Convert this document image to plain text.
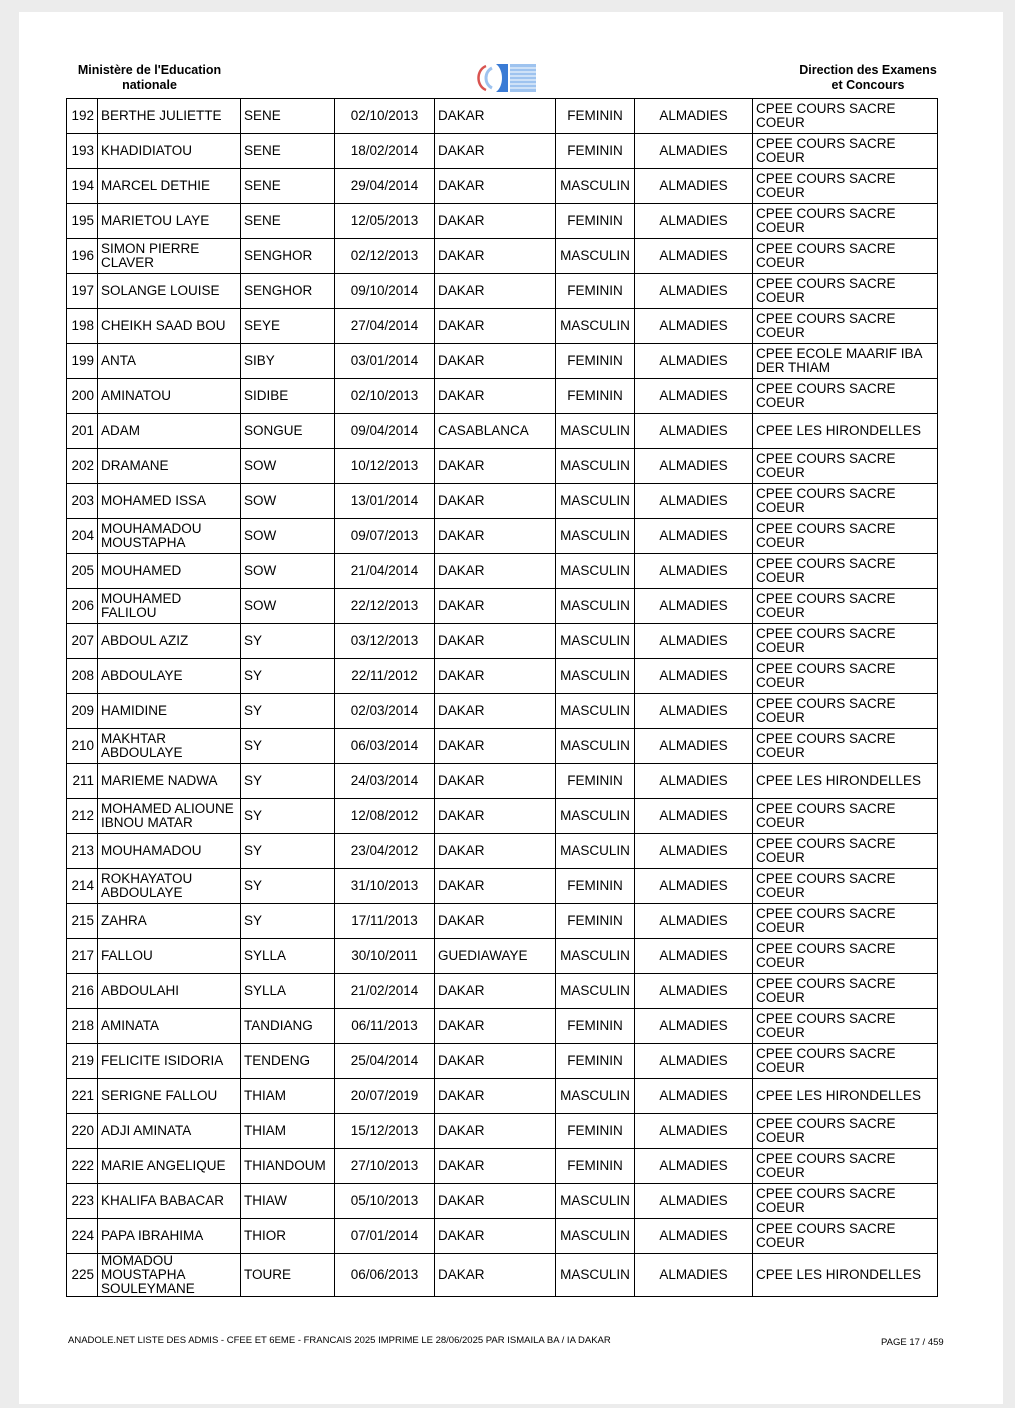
Ministère de l'Education
nationale
Direction des Examens
et Concours
192	BERTHE JULIETTE	SENE	02/10/2013	DAKAR	FEMININ	ALMADIES	CPEE COURS SACRE COEUR
193	KHADIDIATOU	SENE	18/02/2014	DAKAR	FEMININ	ALMADIES	CPEE COURS SACRE COEUR
194	MARCEL DETHIE	SENE	29/04/2014	DAKAR	MASCULIN	ALMADIES	CPEE COURS SACRE COEUR
195	MARIETOU LAYE	SENE	12/05/2013	DAKAR	FEMININ	ALMADIES	CPEE COURS SACRE COEUR
196	SIMON PIERRE CLAVER	SENGHOR	02/12/2013	DAKAR	MASCULIN	ALMADIES	CPEE COURS SACRE COEUR
197	SOLANGE LOUISE	SENGHOR	09/10/2014	DAKAR	FEMININ	ALMADIES	CPEE COURS SACRE COEUR
198	CHEIKH SAAD BOU	SEYE	27/04/2014	DAKAR	MASCULIN	ALMADIES	CPEE COURS SACRE COEUR
199	ANTA	SIBY	03/01/2014	DAKAR	FEMININ	ALMADIES	CPEE ECOLE MAARIF IBA DER THIAM
200	AMINATOU	SIDIBE	02/10/2013	DAKAR	FEMININ	ALMADIES	CPEE COURS SACRE COEUR
201	ADAM	SONGUE	09/04/2014	CASABLANCA	MASCULIN	ALMADIES	CPEE LES HIRONDELLES
202	DRAMANE	SOW	10/12/2013	DAKAR	MASCULIN	ALMADIES	CPEE COURS SACRE COEUR
203	MOHAMED ISSA	SOW	13/01/2014	DAKAR	MASCULIN	ALMADIES	CPEE COURS SACRE COEUR
204	MOUHAMADOU MOUSTAPHA	SOW	09/07/2013	DAKAR	MASCULIN	ALMADIES	CPEE COURS SACRE COEUR
205	MOUHAMED	SOW	21/04/2014	DAKAR	MASCULIN	ALMADIES	CPEE COURS SACRE COEUR
206	MOUHAMED FALILOU	SOW	22/12/2013	DAKAR	MASCULIN	ALMADIES	CPEE COURS SACRE COEUR
207	ABDOUL AZIZ	SY	03/12/2013	DAKAR	MASCULIN	ALMADIES	CPEE COURS SACRE COEUR
208	ABDOULAYE	SY	22/11/2012	DAKAR	MASCULIN	ALMADIES	CPEE COURS SACRE COEUR
209	HAMIDINE	SY	02/03/2014	DAKAR	MASCULIN	ALMADIES	CPEE COURS SACRE COEUR
210	MAKHTAR ABDOULAYE	SY	06/03/2014	DAKAR	MASCULIN	ALMADIES	CPEE COURS SACRE COEUR
211	MARIEME NADWA	SY	24/03/2014	DAKAR	FEMININ	ALMADIES	CPEE LES HIRONDELLES
212	MOHAMED ALIOUNE IBNOU MATAR	SY	12/08/2012	DAKAR	MASCULIN	ALMADIES	CPEE COURS SACRE COEUR
213	MOUHAMADOU	SY	23/04/2012	DAKAR	MASCULIN	ALMADIES	CPEE COURS SACRE COEUR
214	ROKHAYATOU ABDOULAYE	SY	31/10/2013	DAKAR	FEMININ	ALMADIES	CPEE COURS SACRE COEUR
215	ZAHRA	SY	17/11/2013	DAKAR	FEMININ	ALMADIES	CPEE COURS SACRE COEUR
217	FALLOU	SYLLA	30/10/2011	GUEDIAWAYE	MASCULIN	ALMADIES	CPEE COURS SACRE COEUR
216	ABDOULAHI	SYLLA	21/02/2014	DAKAR	MASCULIN	ALMADIES	CPEE COURS SACRE COEUR
218	AMINATA	TANDIANG	06/11/2013	DAKAR	FEMININ	ALMADIES	CPEE COURS SACRE COEUR
219	FELICITE ISIDORIA	TENDENG	25/04/2014	DAKAR	FEMININ	ALMADIES	CPEE COURS SACRE COEUR
221	SERIGNE FALLOU	THIAM	20/07/2019	DAKAR	MASCULIN	ALMADIES	CPEE LES HIRONDELLES
220	ADJI AMINATA	THIAM	15/12/2013	DAKAR	FEMININ	ALMADIES	CPEE COURS SACRE COEUR
222	MARIE ANGELIQUE	THIANDOUM	27/10/2013	DAKAR	FEMININ	ALMADIES	CPEE COURS SACRE COEUR
223	KHALIFA BABACAR	THIAW	05/10/2013	DAKAR	MASCULIN	ALMADIES	CPEE COURS SACRE COEUR
224	PAPA IBRAHIMA	THIOR	07/01/2014	DAKAR	MASCULIN	ALMADIES	CPEE COURS SACRE COEUR
225	MOMADOU MOUSTAPHA SOULEYMANE	TOURE	06/06/2013	DAKAR	MASCULIN	ALMADIES	CPEE LES HIRONDELLES
ANADOLE.NET LISTE DES ADMIS - CFEE ET 6EME - FRANCAIS 2025 IMPRIME LE 28/06/2025 PAR ISMAILA BA / IA DAKAR	PAGE 17 / 459
